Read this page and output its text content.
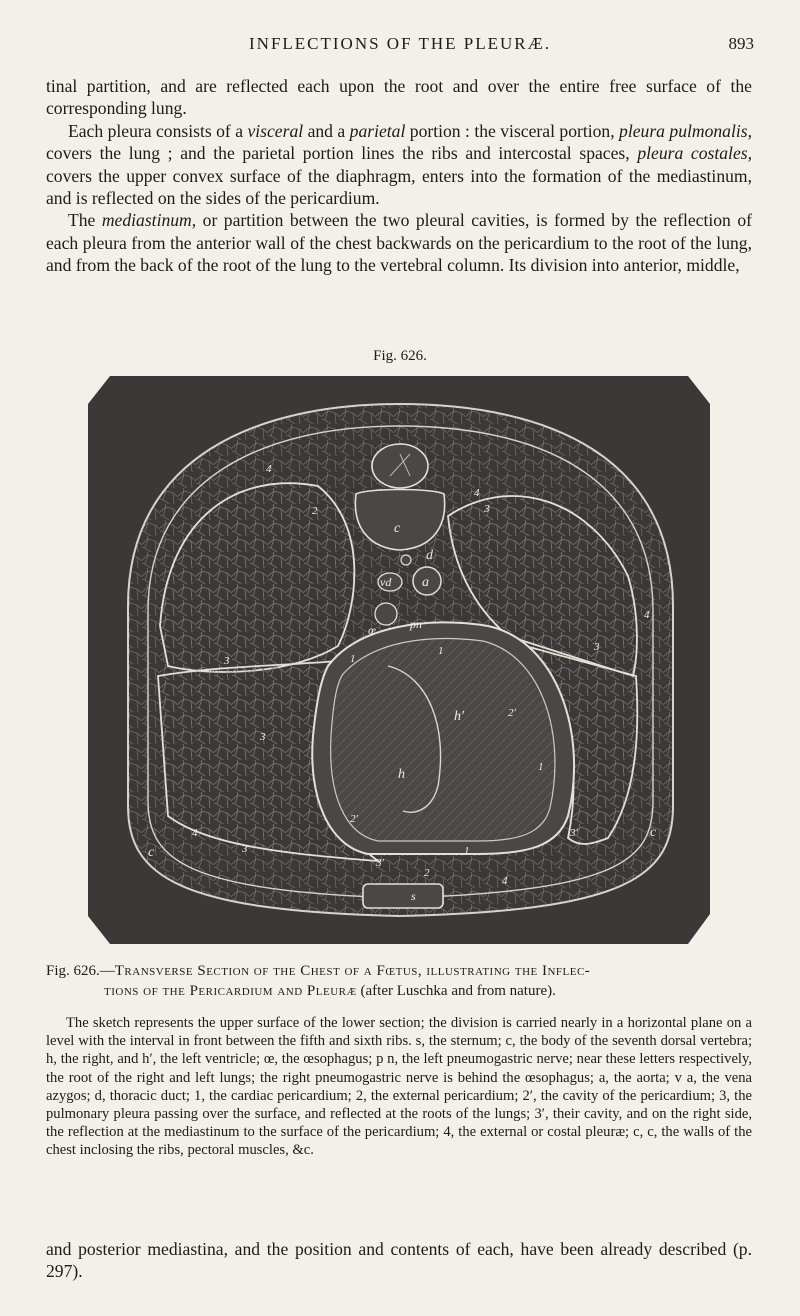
INFLECTIONS OF THE PLEURÆ.	893

tinal partition, and are reflected each upon the root and over the entire free surface of the corresponding lung.

Each pleura consists of a visceral and a parietal portion : the visceral portion, pleura pulmonalis, covers the lung ; and the parietal portion lines the ribs and intercostal spaces, pleura costales, covers the upper convex surface of the diaphragm, enters into the formation of the mediastinum, and is reflected on the sides of the pericardium.

The mediastinum, or partition between the two pleural cavities, is formed by the reflection of each pleura from the anterior wall of the chest backwards on the pericardium to the root of the lung, and from the back of the root of the lung to the vertebral column. Its division into anterior, middle,

Fig. 626.
c
d
vd a
œ	pn
h′
h
s
c
c
1
1
1
1
2
2′
2′
2
3
3
3
3
3
3′
3′
4
4
4
4
4
Fig. 626.—Transverse Section of the Chest of a Fœtus, illustrating the Inflec-
tions of the Pericardium and Pleuræ (after Luschka and from nature).

The sketch represents the upper surface of the lower section; the division is carried nearly in a horizontal plane on a level with the interval in front between the fifth and sixth ribs. s, the sternum; c, the body of the seventh dorsal vertebra; h, the right, and h′, the left ventricle; œ, the œsophagus; p n, the left pneumogastric nerve; near these letters respectively, the root of the right and left lungs; the right pneumogastric nerve is behind the œsophagus; a, the aorta; v a, the vena azygos; d, thoracic duct; 1, the cardiac pericardium; 2, the external pericardium; 2′, the cavity of the pericardium; 3, the pulmonary pleura passing over the surface, and reflected at the roots of the lungs; 3′, their cavity, and on the right side, the reflection at the mediastinum to the surface of the pericardium; 4, the external or costal pleuræ; c, c, the walls of the chest inclosing the ribs, pectoral muscles, &c.

and posterior mediastina, and the position and contents of each, have been already described (p. 297).
